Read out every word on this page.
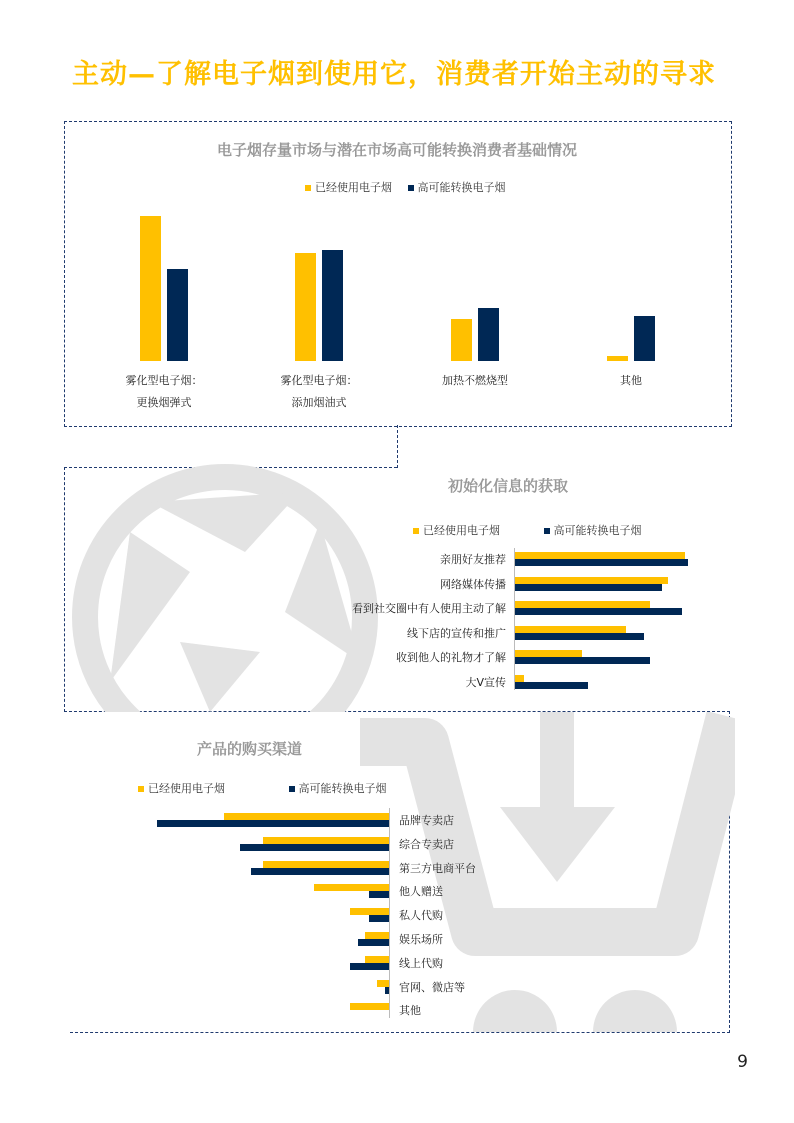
主动—了解电子烟到使用它，消费者开始主动的寻求
电子烟存量市场与潜在市场高可能转换消费者基础情况
已经使用电子烟 高可能转换电子烟
雾化型电子烟：
更换烟弹式
雾化型电子烟：
添加烟油式
加热不燃烧型	其他
初始化信息的获取
已经使用电子烟	高可能转换电子烟
亲朋好友推荐
网络媒体传播
看到社交圈中有人使用主动了解
线下店的宣传和推广
收到他人的礼物才了解
大V宣传
产品的购买渠道
已经使用电子烟	高可能转换电子烟
品牌专卖店
综合专卖店
第三方电商平台
他人赠送
私人代购
娱乐场所
线上代购
官网、微店等
其他
9
